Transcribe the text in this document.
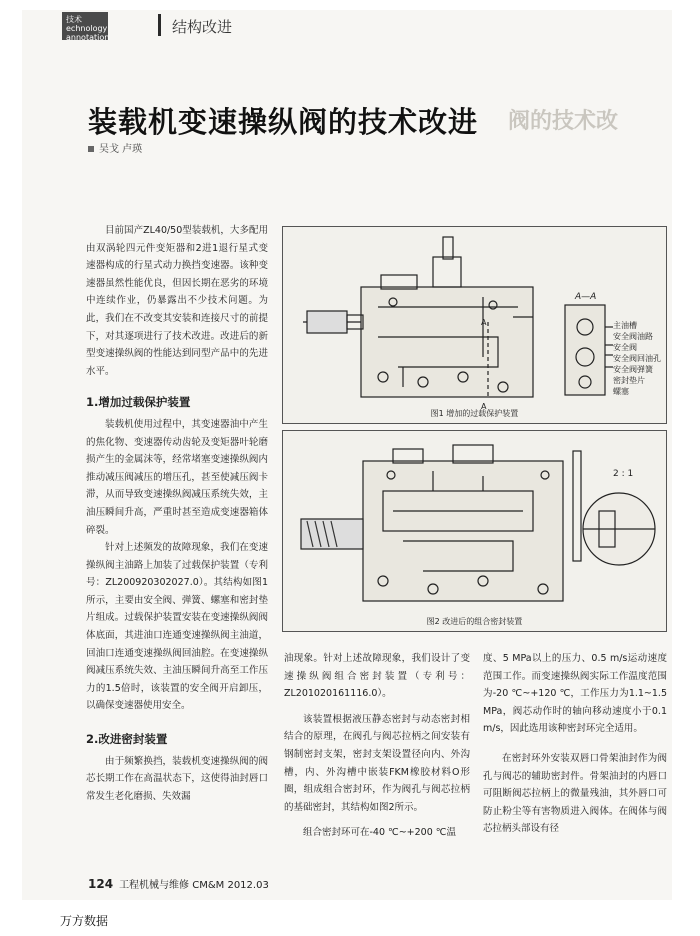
技术
echnology
annotation
结构改进
装载机变速操纵阀的技术改进 阀的技术改
吴戈 卢瑛

目前国产ZL40/50型装载机，大多配用由双涡轮四元件变矩器和2进1退行星式变速器构成的行星式动力换挡变速器。该种变速器虽然性能优良，但因长期在恶劣的环境中连续作业，仍暴露出不少技术问题。为此，我们在不改变其安装和连接尺寸的前提下，对其逐项进行了技术改进。改进后的新型变速操纵阀的性能达到同型产品中的先进水平。

1.增加过载保护装置

装载机使用过程中，其变速器油中产生的焦化物、变速器传动齿轮及变矩器叶轮磨损产生的金属沫等，经常堵塞变速操纵阀内推动减压阀减压的增压孔，甚至使减压阀卡滞，从而导致变速操纵阀减压系统失效，主油压瞬间升高，严重时甚至造成变速器箱体碎裂。

针对上述频发的故障现象，我们在变速操纵阀主油路上加装了过载保护装置（专利号：ZL200920302027.0）。其结构如图1所示，主要由安全阀、弹簧、螺塞和密封垫片组成。过载保护装置安装在变速操纵阀阀体底面，其进油口连通变速操纵阀主油道，回油口连通变速操纵阀回油腔。在变速操纵阀减压系统失效、主油压瞬间升高至工作压力的1.5倍时，该装置的安全阀开启卸压，以确保变速器使用安全。

2.改进密封装置

由于频繁换挡，装载机变速操纵阀的阀芯长期工作在高温状态下，这使得油封唇口常发生老化磨损、失效漏

A—A
A
A
主油槽
安全阀油路
安全阀
安全阀回油孔
安全阀弹簧
密封垫片
螺塞
图1 增加的过载保护装置
2 : 1
图2 改进后的组合密封装置

油现象。针对上述故障现象，我们设计了变速操纵阀组合密封装置（专利号：ZL201020161116.0）。

该装置根据液压静态密封与动态密封相结合的原理，在阀孔与阀芯拉柄之间安装有钢制密封支架，密封支架设置径向内、外沟槽，内、外沟槽中嵌装FKM橡胶材料O形圈，组成组合密封环，作为阀孔与阀芯拉柄的基础密封，其结构如图2所示。

组合密封环可在-40 ℃~+200 ℃温

度、5 MPa以上的压力、0.5 m/s运动速度范围工作。而变速操纵阀实际工作温度范围为-20 ℃~+120 ℃，工作压力为1.1~1.5 MPa，阀芯动作时的轴向移动速度小于0.1 m/s，因此选用该种密封环完全适用。

在密封环外安装双唇口骨架油封作为阀孔与阀芯的辅助密封件。骨架油封的内唇口可阻断阀芯拉柄上的微量残油，其外唇口可防止粉尘等有害物质进入阀体。在阀体与阀芯拉柄头部设有径

124 工程机械与维修 CM&M 2012.03
万方数据
